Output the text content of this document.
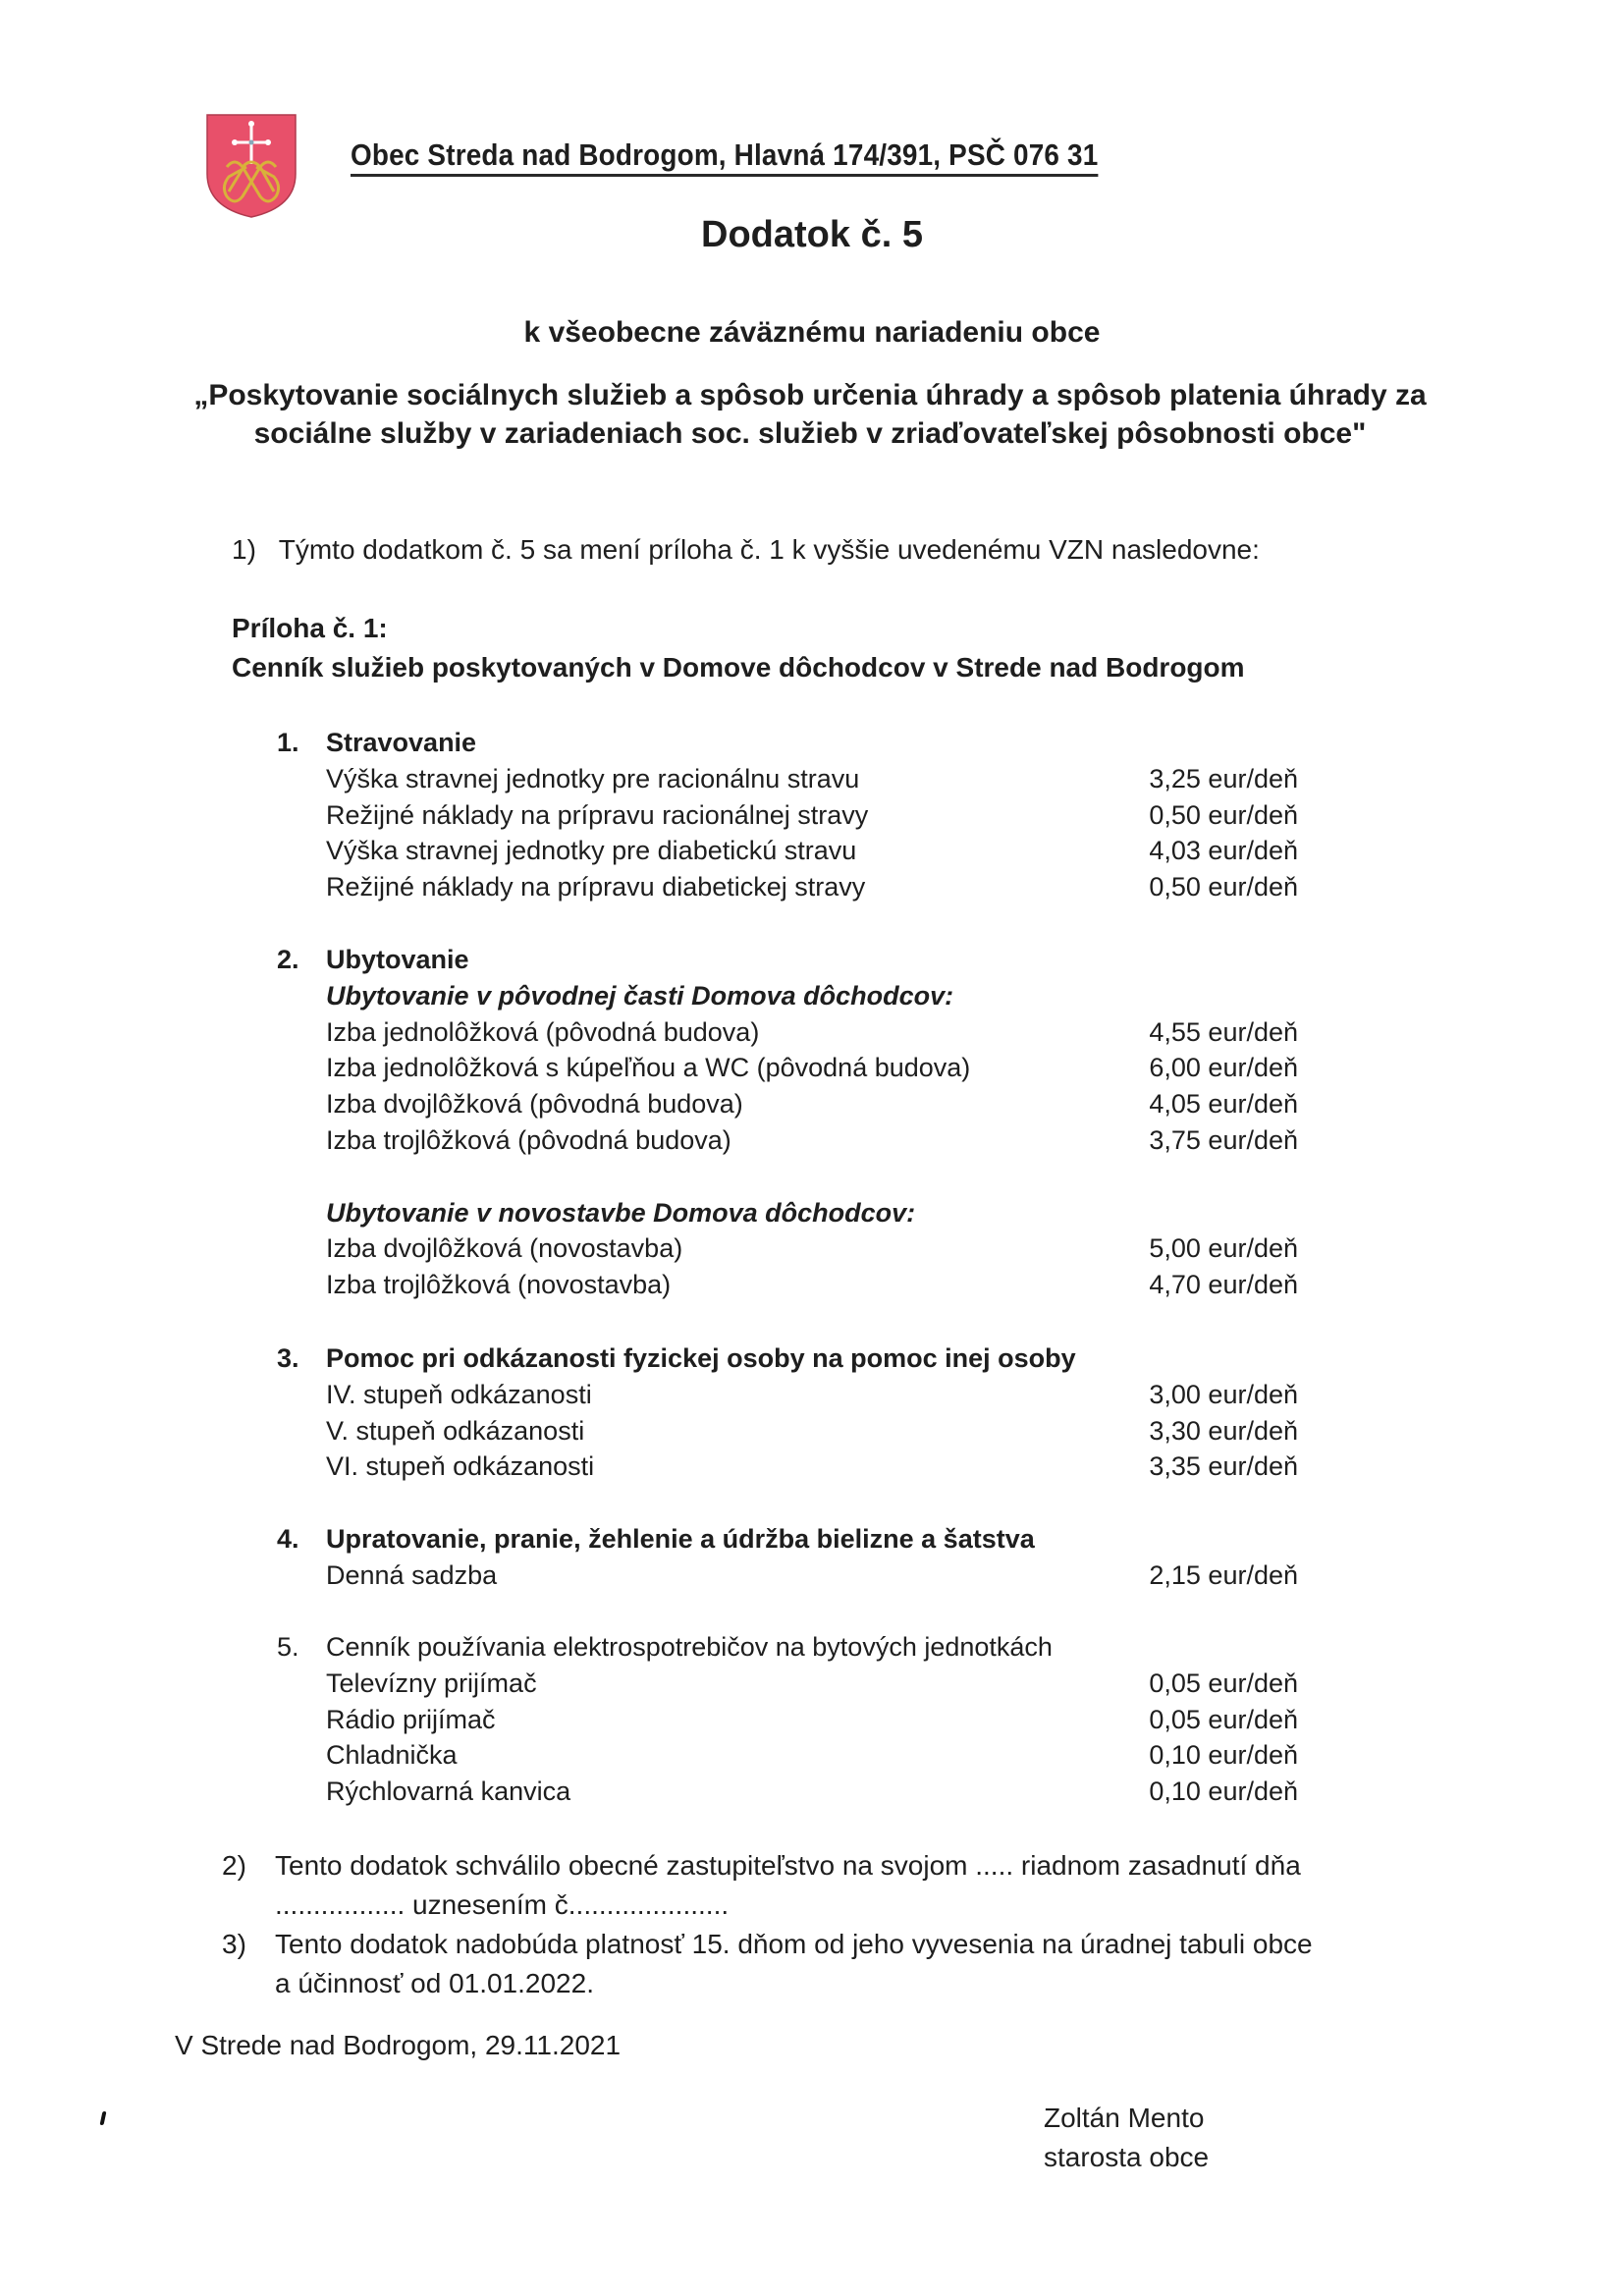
Obec Streda nad Bodrogom, Hlavná 174/391, PSČ 076 31
Dodatok č. 5
k všeobecne záväznému nariadeniu obce
„Poskytovanie sociálnych služieb a spôsob určenia úhrady a spôsob platenia úhrady za sociálne služby v zariadeniach soc. služieb v zriaďovateľskej pôsobnosti obce"
1) Týmto dodatkom č. 5 sa mení príloha č. 1 k vyššie uvedenému VZN nasledovne:
Príloha č. 1:
Cenník služieb poskytovaných v Domove dôchodcov v Strede nad Bodrogom
1.	Stravovanie
Výška stravnej jednotky pre racionálnu stravu	3,25 eur/deň
Režijné náklady na prípravu racionálnej stravy	0,50 eur/deň
Výška stravnej jednotky pre diabetickú stravu	4,03 eur/deň
Režijné náklady na prípravu diabetickej stravy	0,50 eur/deň
2.	Ubytovanie
Ubytovanie v pôvodnej časti Domova dôchodcov:
Izba jednolôžková (pôvodná budova)	4,55 eur/deň
Izba jednolôžková s kúpeľňou a WC (pôvodná budova)	6,00 eur/deň
Izba dvojlôžková (pôvodná budova)	4,05 eur/deň
Izba trojlôžková (pôvodná budova)	3,75 eur/deň
Ubytovanie v novostavbe Domova dôchodcov:
Izba dvojlôžková (novostavba)	5,00 eur/deň
Izba trojlôžková (novostavba)	4,70 eur/deň
3.	Pomoc pri odkázanosti fyzickej osoby na pomoc inej osoby
IV. stupeň odkázanosti	3,00 eur/deň
V. stupeň odkázanosti	3,30 eur/deň
VI. stupeň odkázanosti	3,35 eur/deň
4.	Upratovanie, pranie, žehlenie a údržba bielizne a šatstva
Denná sadzba	2,15 eur/deň
5.	Cenník používania elektrospotrebičov na bytových jednotkách
Televízny prijímač	0,05 eur/deň
Rádio prijímač	0,05 eur/deň
Chladnička	0,10 eur/deň
Rýchlovarná kanvica	0,10 eur/deň
2) Tento dodatok schválilo obecné zastupiteľstvo na svojom ..... riadnom zasadnutí dňa
................. uznesením č.....................
3) Tento dodatok nadobúda platnosť 15. dňom od jeho vyvesenia na úradnej tabuli obce
a účinnosť od 01.01.2022.
V Strede nad Bodrogom, 29.11.2021
Zoltán Mento
starosta obce
